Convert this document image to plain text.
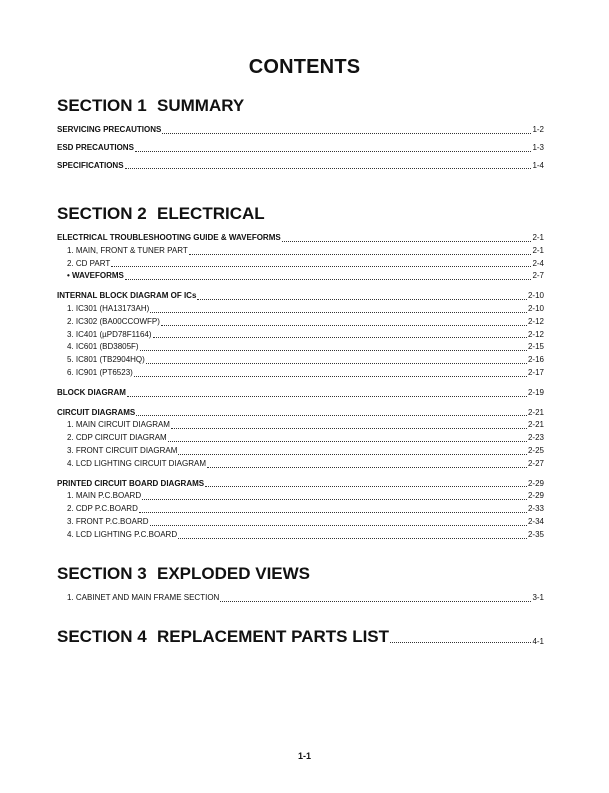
CONTENTS
SECTION 1 SUMMARY
SERVICING PRECAUTIONS	1-2
ESD PRECAUTIONS	1-3
SPECIFICATIONS	1-4
SECTION 2 ELECTRICAL
ELECTRICAL TROUBLESHOOTING GUIDE & WAVEFORMS	2-1
1. MAIN, FRONT & TUNER PART	2-1
2. CD PART	2-4
• WAVEFORMS	2-7
INTERNAL BLOCK DIAGRAM OF ICs	2-10
1. IC301 (HA13173AH)	2-10
2. IC302 (BA00CCOWFP)	2-12
3. IC401 (µPD78F1164)	2-12
4. IC601 (BD3805F)	2-15
5. IC801 (TB2904HQ)	2-16
6. IC901 (PT6523)	2-17
BLOCK DIAGRAM	2-19
CIRCUIT DIAGRAMS	2-21
1. MAIN CIRCUIT DIAGRAM	2-21
2. CDP CIRCUIT DIAGRAM	2-23
3. FRONT CIRCUIT DIAGRAM	2-25
4. LCD LIGHTING CIRCUIT DIAGRAM	2-27
PRINTED CIRCUIT BOARD DIAGRAMS	2-29
1. MAIN P.C.BOARD	2-29
2. CDP P.C.BOARD	2-33
3. FRONT P.C.BOARD	2-34
4. LCD LIGHTING P.C.BOARD	2-35
SECTION 3 EXPLODED VIEWS
1. CABINET AND MAIN FRAME SECTION	3-1
SECTION 4 REPLACEMENT PARTS LIST	4-1
1-1
